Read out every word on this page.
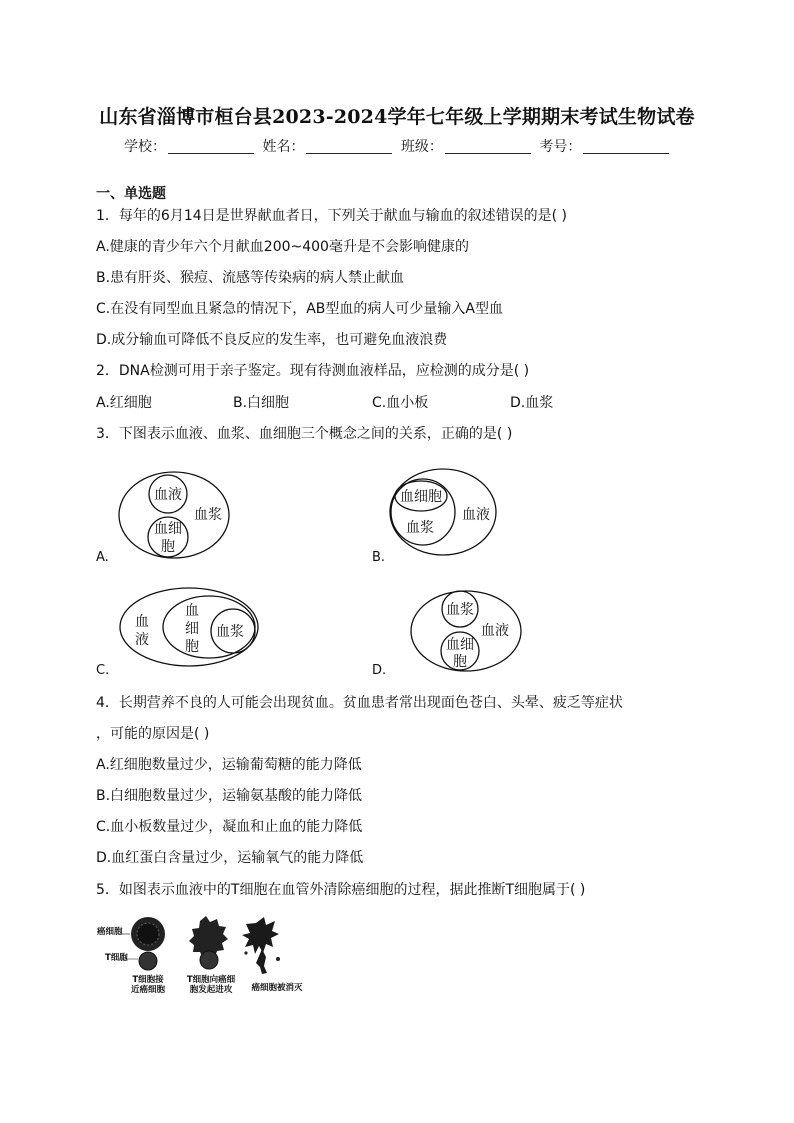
山东省淄博市桓台县2023-2024学年七年级上学期期末考试生物试卷
学校：	姓名：	班级：	考号：
一、单选题
1．每年的6月14日是世界献血者日，下列关于献血与输血的叙述错误的是( )
A.健康的青少年六个月献血200~400毫升是不会影响健康的
B.患有肝炎、猴痘、流感等传染病的病人禁止献血
C.在没有同型血且紧急的情况下，AB型血的病人可少量输入A型血
D.成分输血可降低不良反应的发生率，也可避免血液浪费
2．DNA检测可用于亲子鉴定。现有待测血液样品，应检测的成分是( )
A.红细胞	B.白细胞	C.血小板	D.血浆
3．下图表示血液、血浆、血细胞三个概念之间的关系，正确的是( )
血液
血浆
血细
胞
A.
血细胞
血浆
血液
B.
血
液
血
细
胞
血浆
C.
血浆
血液
血细
胞
D.
4．长期营养不良的人可能会出现贫血。贫血患者常出现面色苍白、头晕、疲乏等症状
，可能的原因是( )
A.红细胞数量过少，运输葡萄糖的能力降低
B.白细胞数量过少，运输氨基酸的能力降低
C.血小板数量过少，凝血和止血的能力降低
D.血红蛋白含量过少，运输氧气的能力降低
5．如图表示血液中的T细胞在血管外清除癌细胞的过程，据此推断T细胞属于( )
癌细胞
T细胞
T细胞接
近癌细胞
T细胞向癌细
胞发起进攻	癌细胞被消灭
